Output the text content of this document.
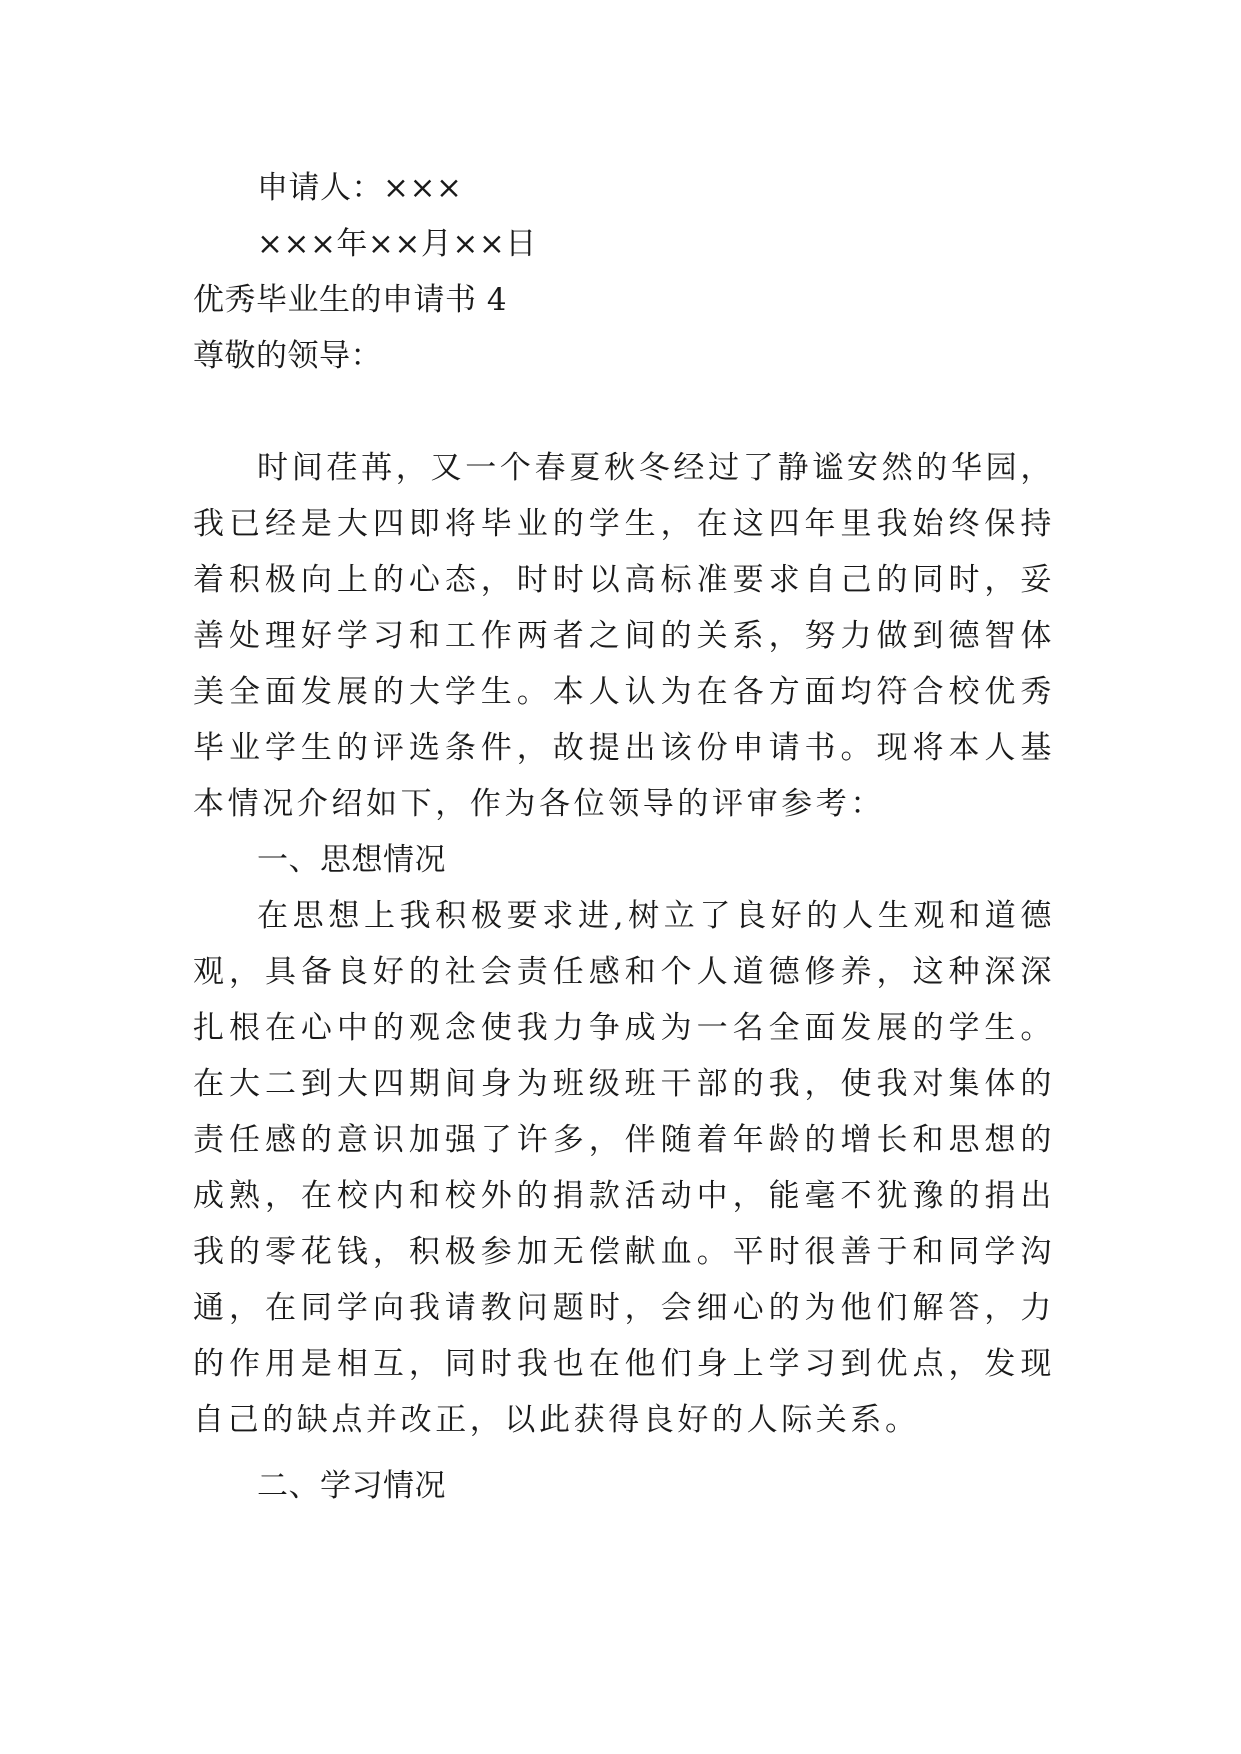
申请人：×××
×××年××月××日
优秀毕业生的申请书 4
尊敬的领导：

时间荏苒，又一个春夏秋冬经过了静谧安然的华园，我已经是大四即将毕业的学生，在这四年里我始终保持着积极向上的心态，时时以高标准要求自己的同时，妥善处理好学习和工作两者之间的关系，努力做到德智体美全面发展的大学生。本人认为在各方面均符合校优秀毕业学生的评选条件，故提出该份申请书。现将本人基本情况介绍如下，作为各位领导的评审参考：

一、思想情况

在思想上我积极要求进,树立了良好的人生观和道德观，具备良好的社会责任感和个人道德修养，这种深深扎根在心中的观念使我力争成为一名全面发展的学生。在大二到大四期间身为班级班干部的我，使我对集体的责任感的意识加强了许多，伴随着年龄的增长和思想的成熟，在校内和校外的捐款活动中，能毫不犹豫的捐出我的零花钱，积极参加无偿献血。平时很善于和同学沟通，在同学向我请教问题时，会细心的为他们解答，力的作用是相互，同时我也在他们身上学习到优点，发现自己的缺点并改正，以此获得良好的人际关系。

二、学习情况
